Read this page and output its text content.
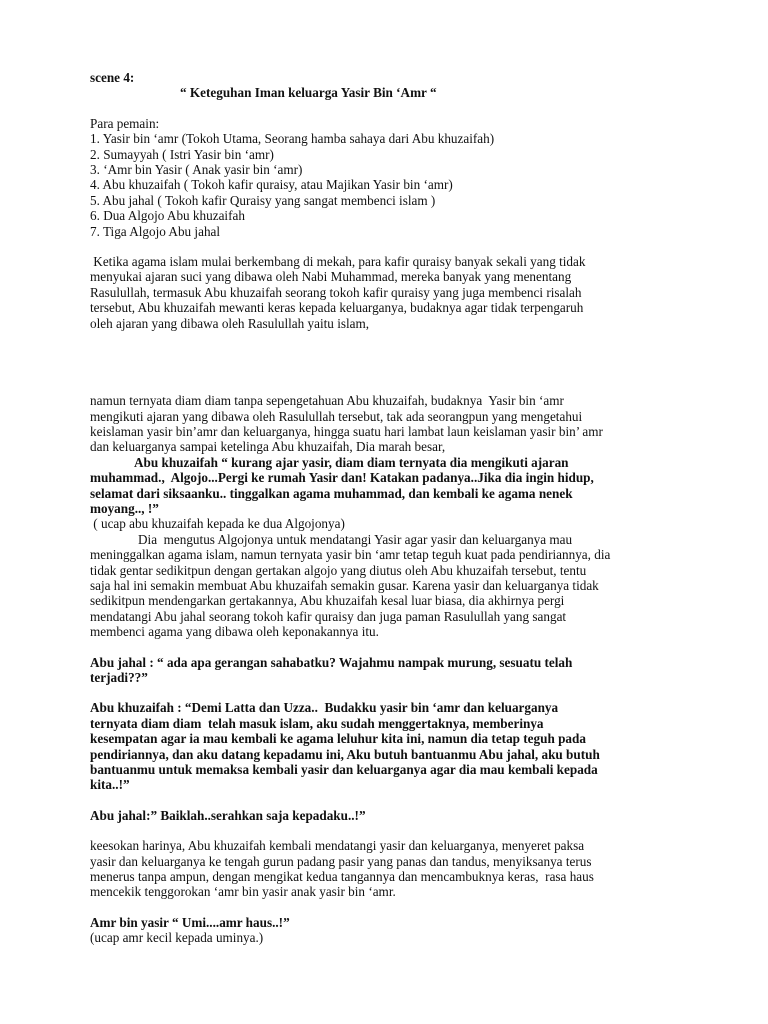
scene 4:

“ Keteguhan Iman keluarga Yasir Bin ‘Amr “

Para pemain:

1. Yasir bin ‘amr (Tokoh Utama, Seorang hamba sahaya dari Abu khuzaifah)

2. Sumayyah ( Istri Yasir bin ‘amr)

3. ‘Amr bin Yasir ( Anak yasir bin ‘amr)

4. Abu khuzaifah ( Tokoh kafir quraisy, atau Majikan Yasir bin ‘amr)

5. Abu jahal ( Tokoh kafir Quraisy yang sangat membenci islam )

6. Dua Algojo Abu khuzaifah

7. Tiga Algojo Abu jahal

Ketika agama islam mulai berkembang di mekah, para kafir quraisy banyak sekali yang tidak
menyukai ajaran suci yang dibawa oleh Nabi Muhammad, mereka banyak yang menentang
Rasulullah, termasuk Abu khuzaifah seorang tokoh kafir quraisy yang juga membenci risalah
tersebut, Abu khuzaifah mewanti keras kepada keluarganya, budaknya agar tidak terpengaruh
oleh ajaran yang dibawa oleh Rasulullah yaitu islam,

namun ternyata diam diam tanpa sepengetahuan Abu khuzaifah, budaknya  Yasir bin ‘amr
mengikuti ajaran yang dibawa oleh Rasulullah tersebut, tak ada seorangpun yang mengetahui
keislaman yasir bin’amr dan keluarganya, hingga suatu hari lambat laun keislaman yasir bin’ amr
dan keluarganya sampai ketelinga Abu khuzaifah, Dia marah besar,

Abu khuzaifah “ kurang ajar yasir, diam diam ternyata dia mengikuti ajaran
muhammad.,  Algojo...Pergi ke rumah Yasir dan! Katakan padanya..Jika dia ingin hidup,
selamat dari siksaanku.. tinggalkan agama muhammad, dan kembali ke agama nenek
moyang.., !”

( ucap abu khuzaifah kepada ke dua Algojonya)

Dia  mengutus Algojonya untuk mendatangi Yasir agar yasir dan keluarganya mau
meninggalkan agama islam, namun ternyata yasir bin ‘amr tetap teguh kuat pada pendiriannya, dia
tidak gentar sedikitpun dengan gertakan algojo yang diutus oleh Abu khuzaifah tersebut, tentu
saja hal ini semakin membuat Abu khuzaifah semakin gusar. Karena yasir dan keluarganya tidak
sedikitpun mendengarkan gertakannya, Abu khuzaifah kesal luar biasa, dia akhirnya pergi
mendatangi Abu jahal seorang tokoh kafir quraisy dan juga paman Rasulullah yang sangat
membenci agama yang dibawa oleh keponakannya itu.

Abu jahal : “ ada apa gerangan sahabatku? Wajahmu nampak murung, sesuatu telah
terjadi??”

Abu khuzaifah : “Demi Latta dan Uzza..  Budakku yasir bin ‘amr dan keluarganya
ternyata diam diam  telah masuk islam, aku sudah menggertaknya, memberinya
kesempatan agar ia mau kembali ke agama leluhur kita ini, namun dia tetap teguh pada
pendiriannya, dan aku datang kepadamu ini, Aku butuh bantuanmu Abu jahal, aku butuh
bantuanmu untuk memaksa kembali yasir dan keluarganya agar dia mau kembali kepada
kita..!”

Abu jahal:” Baiklah..serahkan saja kepadaku..!”

keesokan harinya, Abu khuzaifah kembali mendatangi yasir dan keluarganya, menyeret paksa
yasir dan keluarganya ke tengah gurun padang pasir yang panas dan tandus, menyiksanya terus
menerus tanpa ampun, dengan mengikat kedua tangannya dan mencambuknya keras,  rasa haus
mencekik tenggorokan ‘amr bin yasir anak yasir bin ‘amr.

Amr bin yasir “ Umi....amr haus..!”

(ucap amr kecil kepada uminya.)
